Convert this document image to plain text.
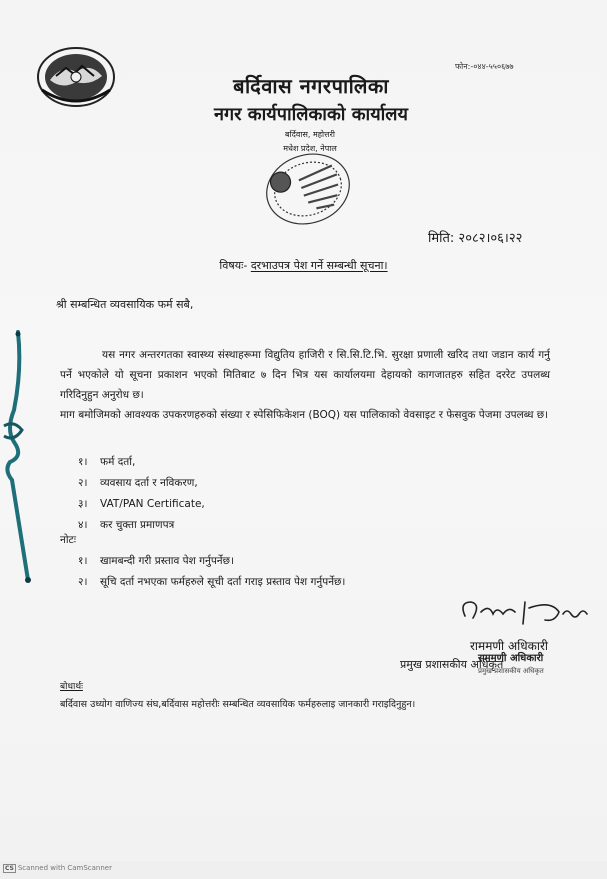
फोन:-०४४-५५०६७७
बर्दिवास नगरपालिका
नगर कार्यपालिकाको कार्यालय
बर्दिवास, महोत्तरी
मधेश प्रदेश, नेपाल
मिति: २०८२।०६।२२
विषयः- दरभाउपत्र पेश गर्ने सम्बन्धी सूचना।
श्री सम्बन्धित व्यवसायिक फर्म सबै,
यस नगर अन्तरगतका स्वास्थ्य संस्थाहरूमा विद्युतिय हाजिरी र सि.सि.टि.भि. सुरक्षा प्रणाली खरिद तथा जडान कार्य गर्नु पर्ने भएकोले यो सूचना प्रकाशन भएको मितिबाट ७ दिन भित्र यस कार्यालयमा देहायको कागजातहरु सहित दररेट उपलब्ध गरिदिनुहुन अनुरोध छ।
माग बमोजिमको आवश्यक उपकरणहरुको संख्या र स्पेसिफिकेशन (BOQ) यस पालिकाको वेवसाइट र फेसवुक पेजमा उपलब्ध छ।
१। फर्म दर्ता,
२। व्यवसाय दर्ता र नविकरण,
३। VAT/PAN Certificate,
४। कर चुक्ता प्रमाणपत्र
नोटः
१। खामबन्दी गरी प्रस्ताव पेश गर्नुपर्नेछ।
२। सूचि दर्ता नभएका फर्महरुले सूची दर्ता गराइ प्रस्ताव पेश गर्नुपर्नेछ।
राममणी अधिकारी
प्रमुख प्रशासकीय अधिकृत
राममणी अधिकारी
प्रमुख प्रशासकीय अधिकृत
बोधार्थः
बर्दिवास उध्योग वाणिज्य संघ,बर्दिवास महोत्तरीः सम्बन्धित व्यवसायिक फर्महरुलाइ जानकारी गराइदिनुहुन।
CS Scanned with CamScanner
